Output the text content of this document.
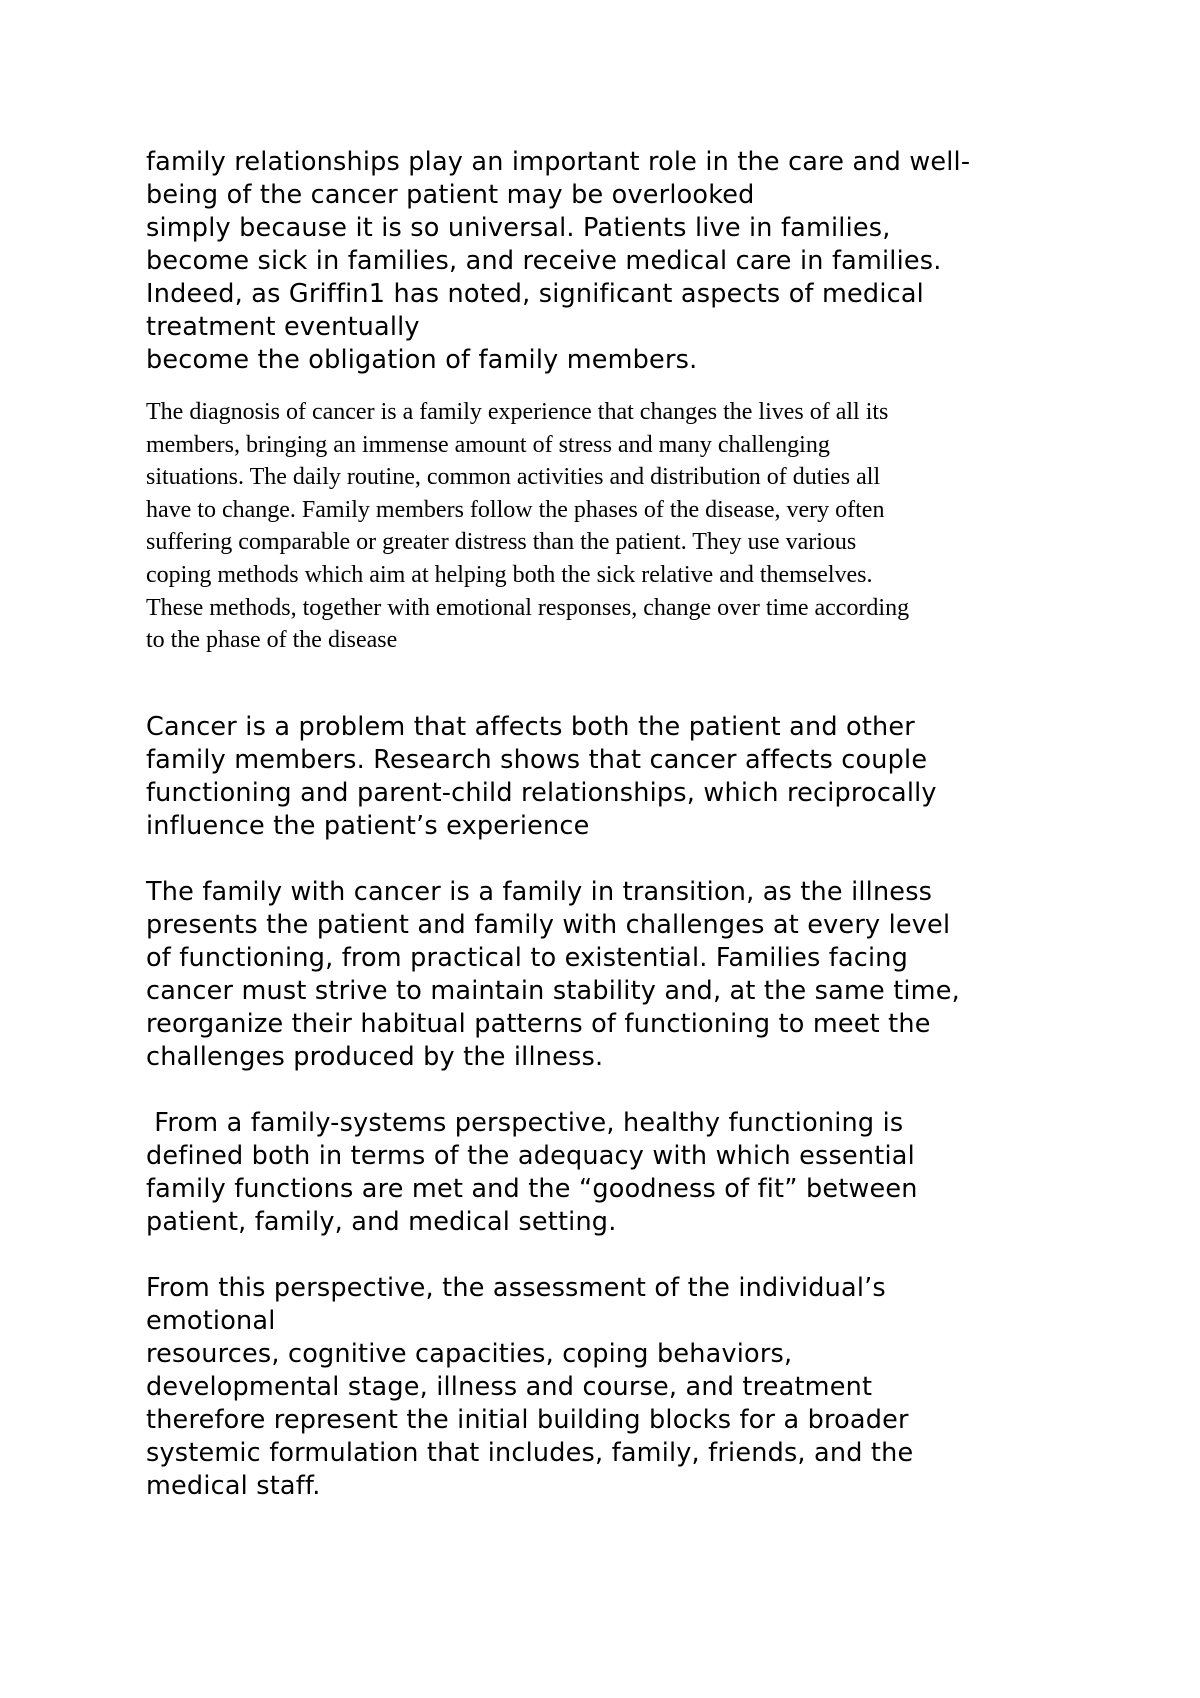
family relationships play an important role in the care and well-
being of the cancer patient may be overlooked
simply because it is so universal. Patients live in families,
become sick in families, and receive medical care in families.
Indeed, as Griffin1 has noted, significant aspects of medical
treatment eventually
become the obligation of family members.
The diagnosis of cancer is a family experience that changes the lives of all its
members, bringing an immense amount of stress and many challenging
situations. The daily routine, common activities and distribution of duties all
have to change. Family members follow the phases of the disease, very often
suffering comparable or greater distress than the patient. They use various
coping methods which aim at helping both the sick relative and themselves.
These methods, together with emotional responses, change over time according
to the phase of the disease
Cancer is a problem that affects both the patient and other
family members. Research shows that cancer affects couple
functioning and parent-child relationships, which reciprocally
influence the patient’s experience
The family with cancer is a family in transition, as the illness
presents the patient and family with challenges at every level
of functioning, from practical to existential. Families facing
cancer must strive to maintain stability and, at the same time,
reorganize their habitual patterns of functioning to meet the
challenges produced by the illness.
From a family-systems perspective, healthy functioning is
defined both in terms of the adequacy with which essential
family functions are met and the “goodness of fit” between
patient, family, and medical setting.
From this perspective, the assessment of the individual’s
emotional
resources, cognitive capacities, coping behaviors,
developmental stage, illness and course, and treatment
therefore represent the initial building blocks for a broader
systemic formulation that includes, family, friends, and the
medical staff.
